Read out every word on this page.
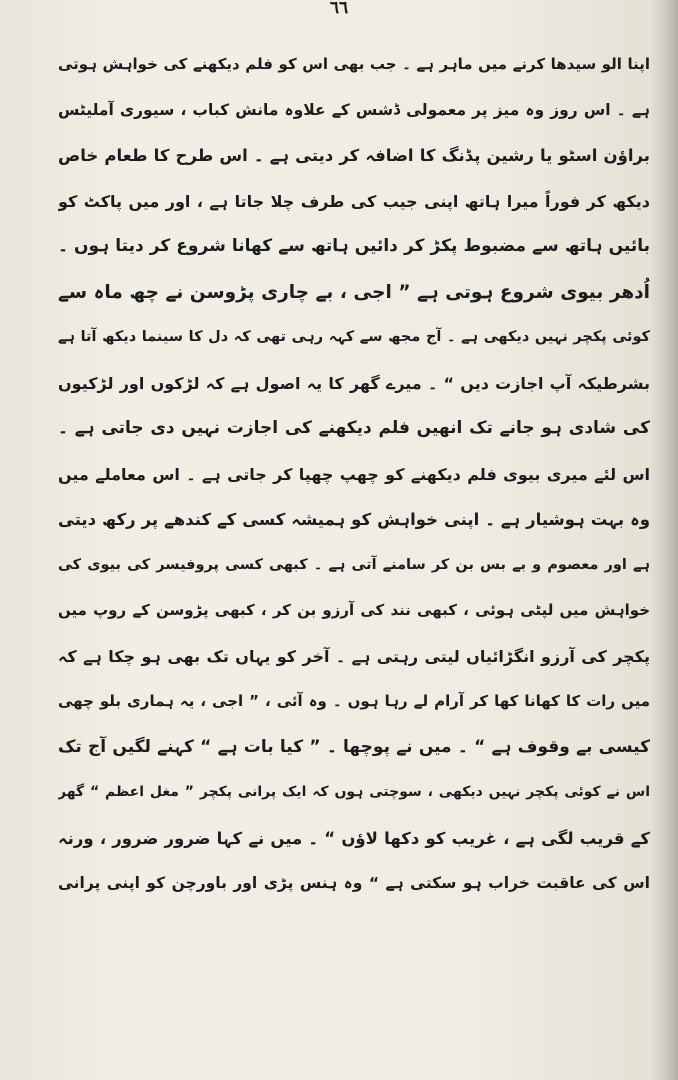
٦٦
اپنا الو سیدھا کرنے میں ماہر ہے ۔ جب بھی اس کو فلم دیکھنے کی خواہش ہوتی
ہے ۔ اس روز وہ میز پر معمولی ڈشس کے علاوہ مانش کباب ، سیوری آملیٹس
براؤن اسٹو یا رشین پڈنگ کا اضافہ کر دیتی ہے ۔ اس طرح کا طعام خاص
دیکھ کر فوراً میرا ہاتھ اپنی جیب کی طرف چلا جاتا ہے ، اور میں پاکٹ کو
بائیں ہاتھ سے مضبوط پکڑ کر دائیں ہاتھ سے کھانا شروع کر دیتا ہوں ۔
اُدھر بیوی شروع ہوتی ہے ” اجی ، بے چاری پڑوسن نے چھ ماہ سے
کوئی پکچر نہیں دیکھی ہے ۔ آج مجھ سے کہہ رہی تھی کہ دل کا سینما دیکھ آتا ہے
بشرطیکہ آپ اجازت دیں “ ۔ میرے گھر کا یہ اصول ہے کہ لڑکوں اور لڑکیوں
کی شادی ہو جانے تک انھیں فلم دیکھنے کی اجازت نہیں دی جاتی ہے ۔
اس لئے میری بیوی فلم دیکھنے کو چھپ چھپا کر جاتی ہے ۔ اس معاملے میں
وہ بہت ہوشیار ہے ۔ اپنی خواہش کو ہمیشہ کسی کے کندھے پر رکھ دیتی
ہے اور معصوم و بے بس بن کر سامنے آتی ہے ۔ کبھی کسی پروفیسر کی بیوی کی
خواہش میں لپٹی ہوئی ، کبھی نند کی آرزو بن کر ، کبھی پڑوسن کے روپ میں
پکچر کی آرزو انگڑائیاں لیتی رہتی ہے ۔ آخر کو یہاں تک بھی ہو چکا ہے کہ
میں رات کا کھانا کھا کر آرام لے رہا ہوں ۔ وہ آئی ، ” اجی ، یہ ہماری بلو چھی
کیسی بے وقوف ہے “ ۔ میں نے پوچھا ۔ ” کیا بات ہے “ کہنے لگیں آج تک
اس نے کوئی پکچر نہیں دیکھی ، سوچتی ہوں کہ ایک پرانی پکچر ” مغل اعظم “ گھر
کے قریب لگی ہے ، غریب کو دکھا لاؤں “ ۔ میں نے کہا ضرور ضرور ، ورنہ
اس کی عاقبت خراب ہو سکتی ہے “ وہ ہنس پڑی اور باورچن کو اپنی پرانی
